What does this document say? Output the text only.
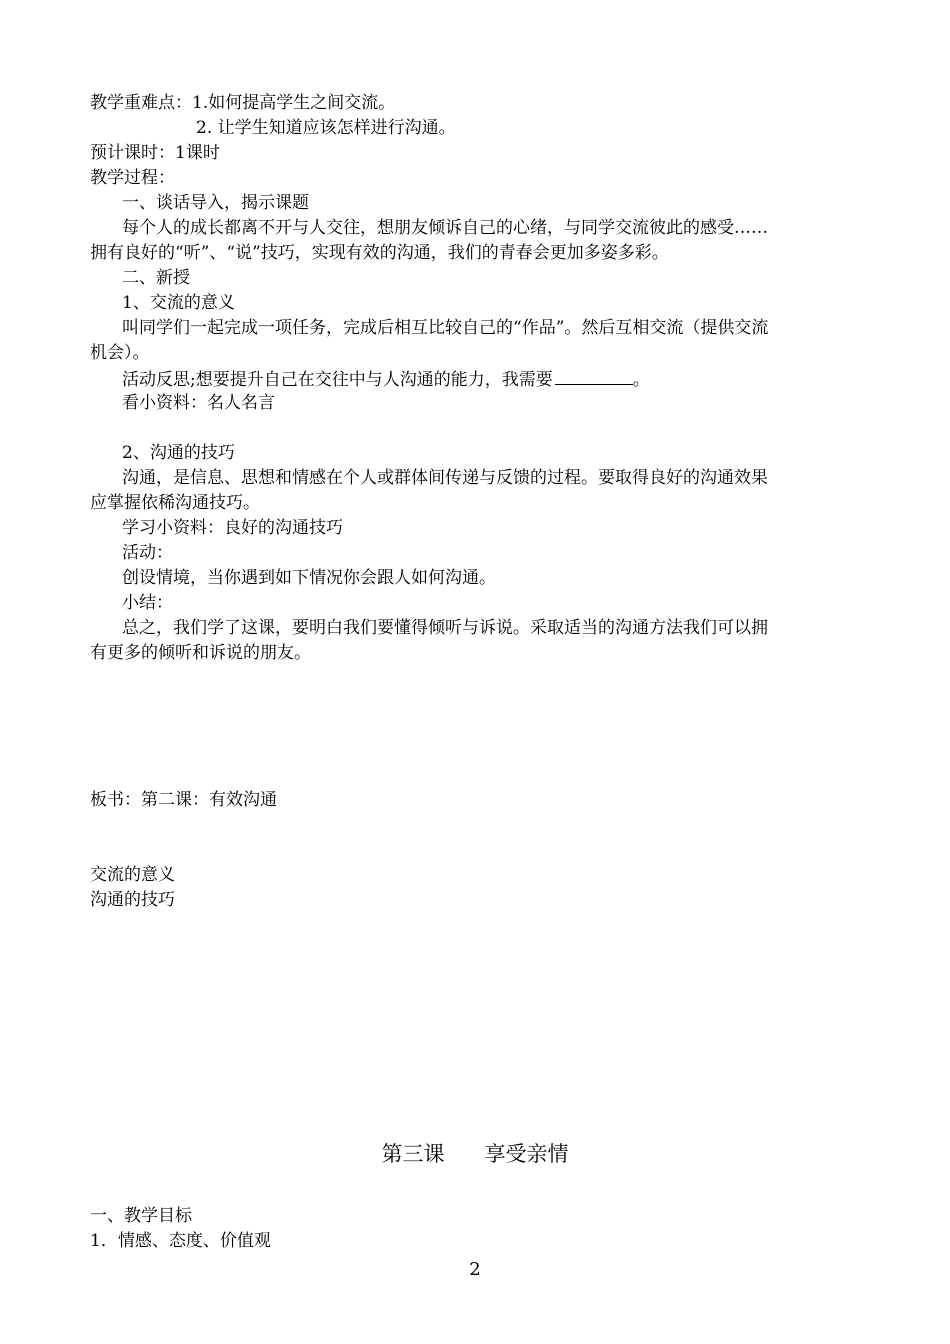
教学重难点：1.如何提高学生之间交流。
2. 让学生知道应该怎样进行沟通。
预计课时：1课时
教学过程：
一、谈话导入，揭示课题
每个人的成长都离不开与人交往，想朋友倾诉自己的心绪，与同学交流彼此的感受……
拥有良好的“听”、“说”技巧，实现有效的沟通，我们的青春会更加多姿多彩。
二、新授
1、交流的意义
叫同学们一起完成一项任务，完成后相互比较自己的“作品”。然后互相交流（提供交流
机会）。
活动反思;想要提升自己在交往中与人沟通的能力，我需要	。
看小资料：名人名言
2、沟通的技巧
沟通，是信息、思想和情感在个人或群体间传递与反馈的过程。要取得良好的沟通效果
应掌握依稀沟通技巧。
学习小资料：良好的沟通技巧
活动：
创设情境，当你遇到如下情况你会跟人如何沟通。
小结：
总之，我们学了这课，要明白我们要懂得倾听与诉说。采取适当的沟通方法我们可以拥
有更多的倾听和诉说的朋友。
板书：第二课：有效沟通
交流的意义
沟通的技巧
第三课 享受亲情
一、教学目标
1．情感、态度、价值观
2
